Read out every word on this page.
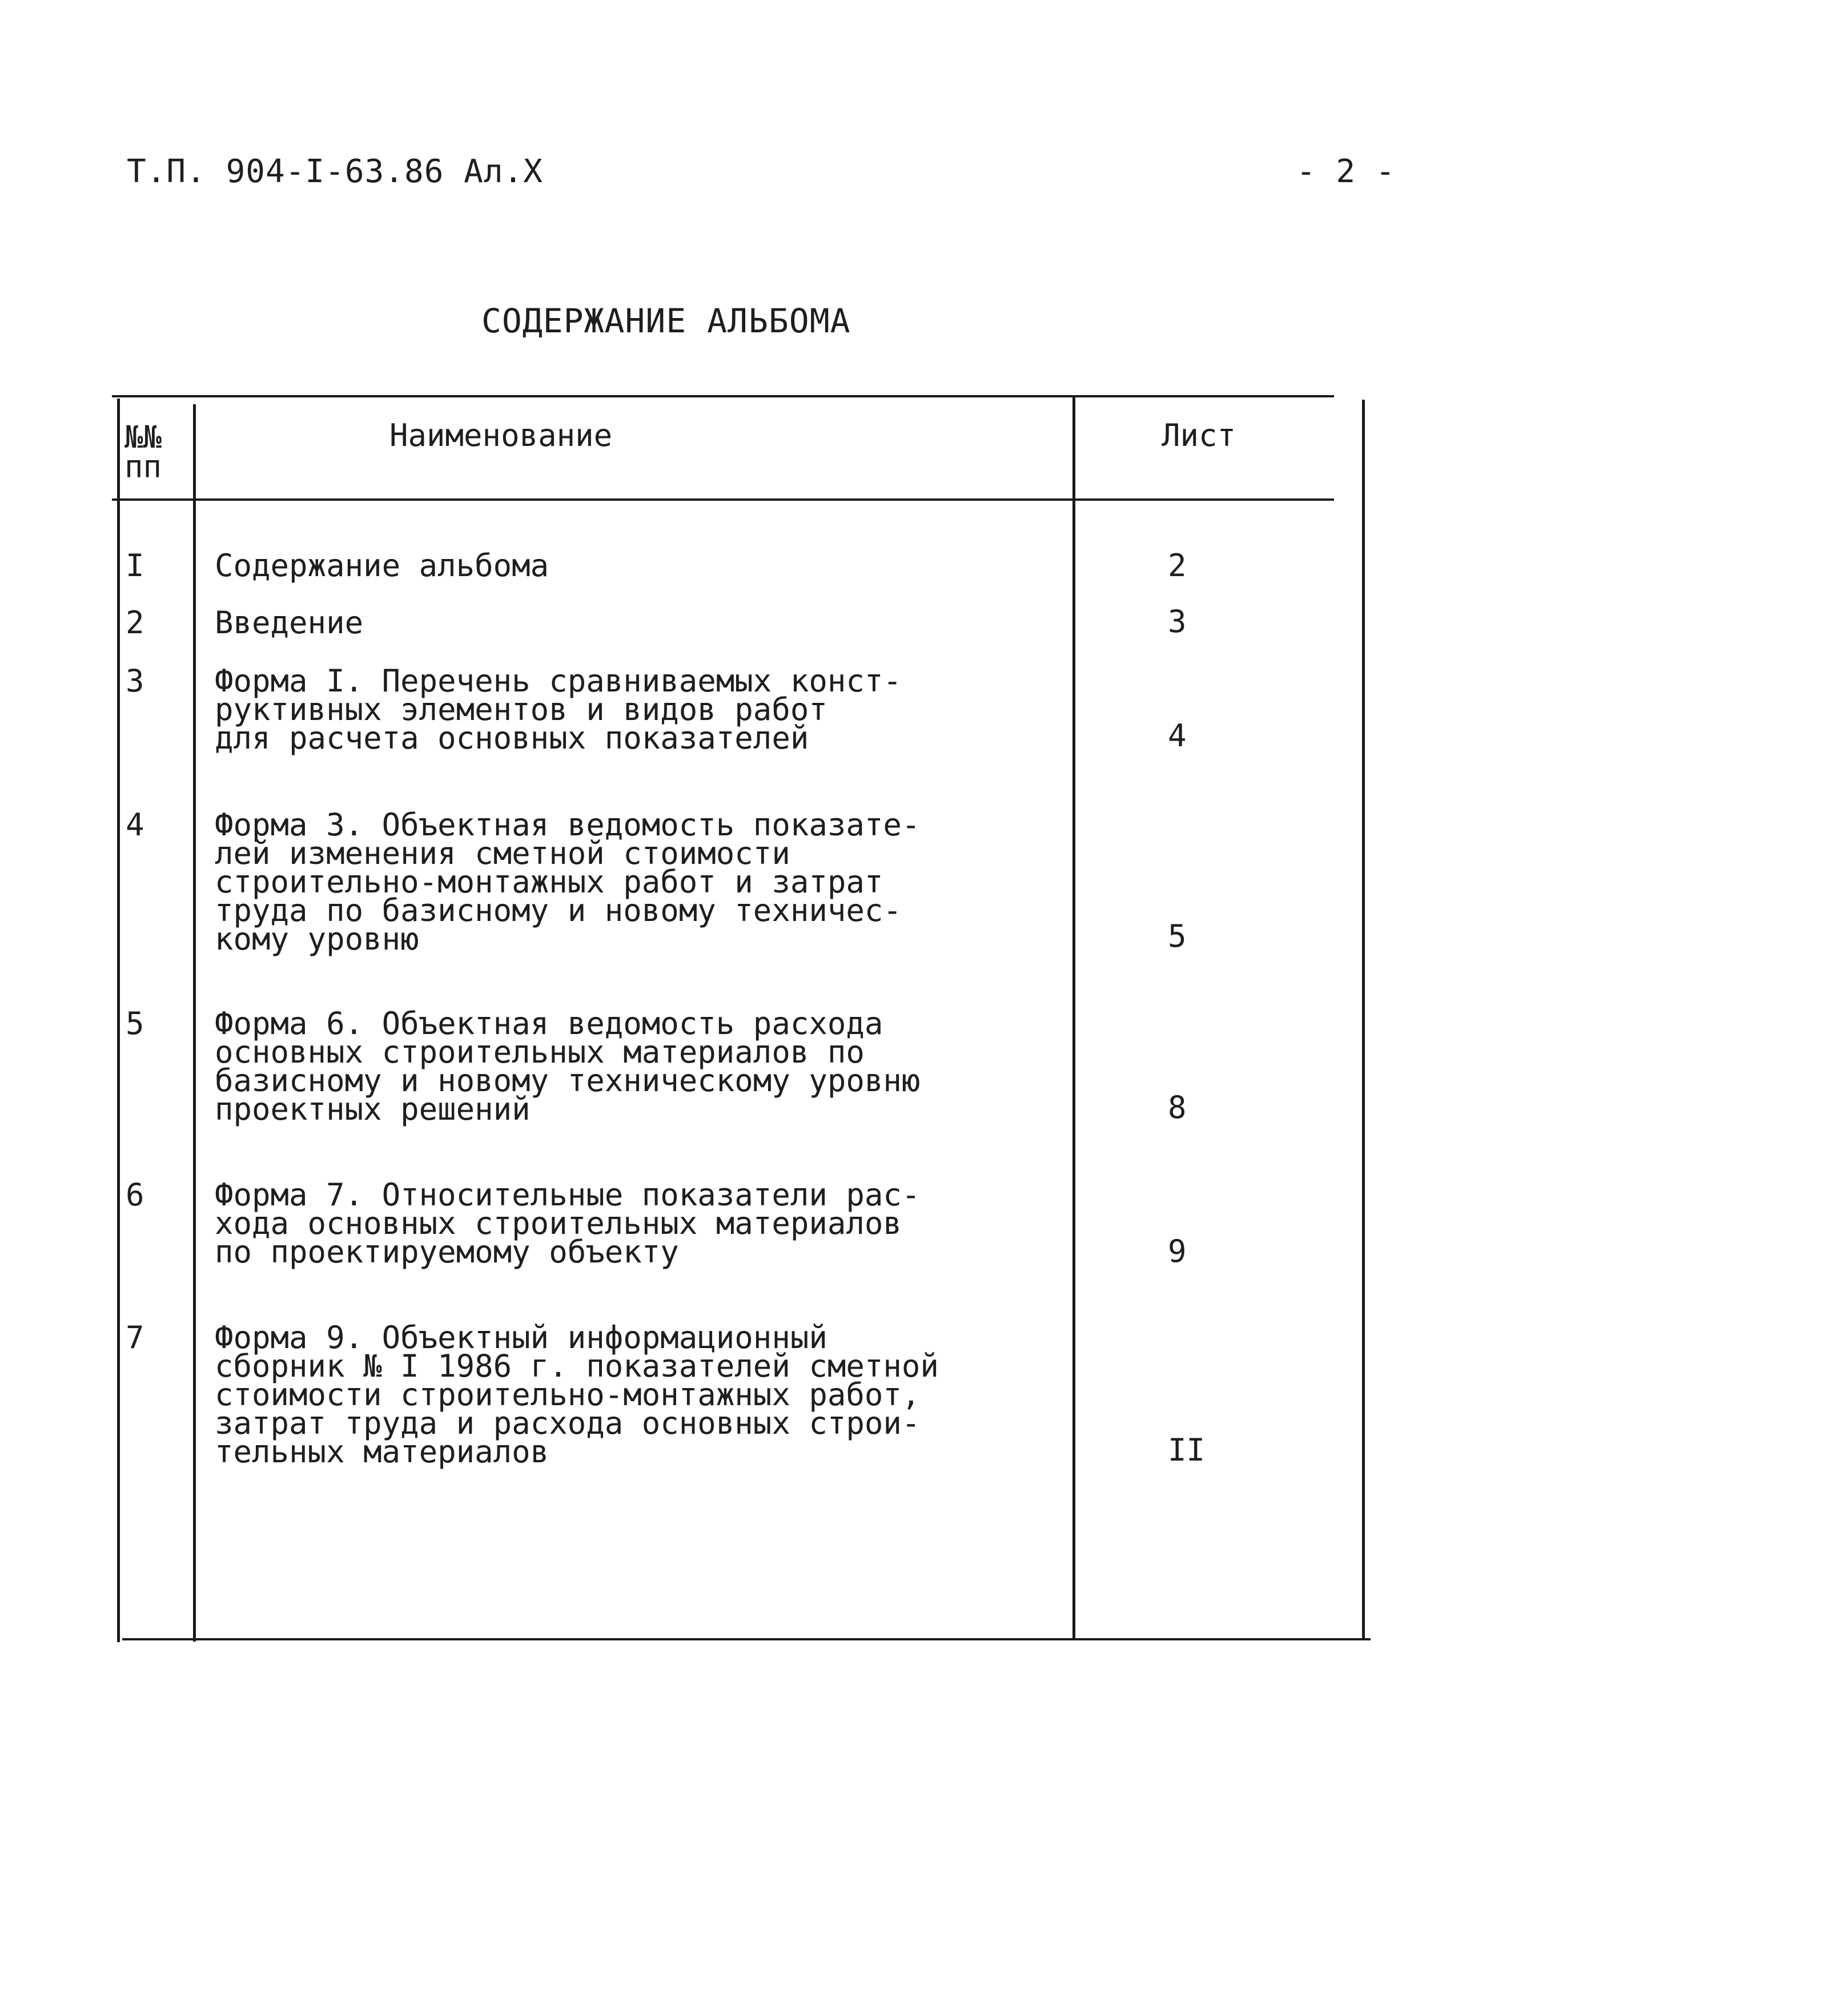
Т.П. 904-I-63.86 Ал.Х	- 2 -
СОДЕРЖАНИЕ АЛЬБОМА
№№
пп
Наименование	Лист
I Содержание альбома	2
2 Введение	3
3 Форма I. Перечень сравниваемых конст-
руктивных элементов и видов работ
для расчета основных показателей	4
4 Форма 3. Объектная ведомость показате-
лей изменения сметной стоимости
строительно-монтажных работ и затрат
труда по базисному и новому техничес-
кому уровню	5
5 Форма 6. Объектная ведомость расхода
основных строительных материалов по
базисному и новому техническому уровню
проектных решений	8
6 Форма 7. Относительные показатели рас-
хода основных строительных материалов
по проектируемому объекту	9
7 Форма 9. Объектный информационный
сборник № I 1986 г. показателей сметной
стоимости строительно-монтажных работ,
затрат труда и расхода основных строи-
тельных материалов	II
